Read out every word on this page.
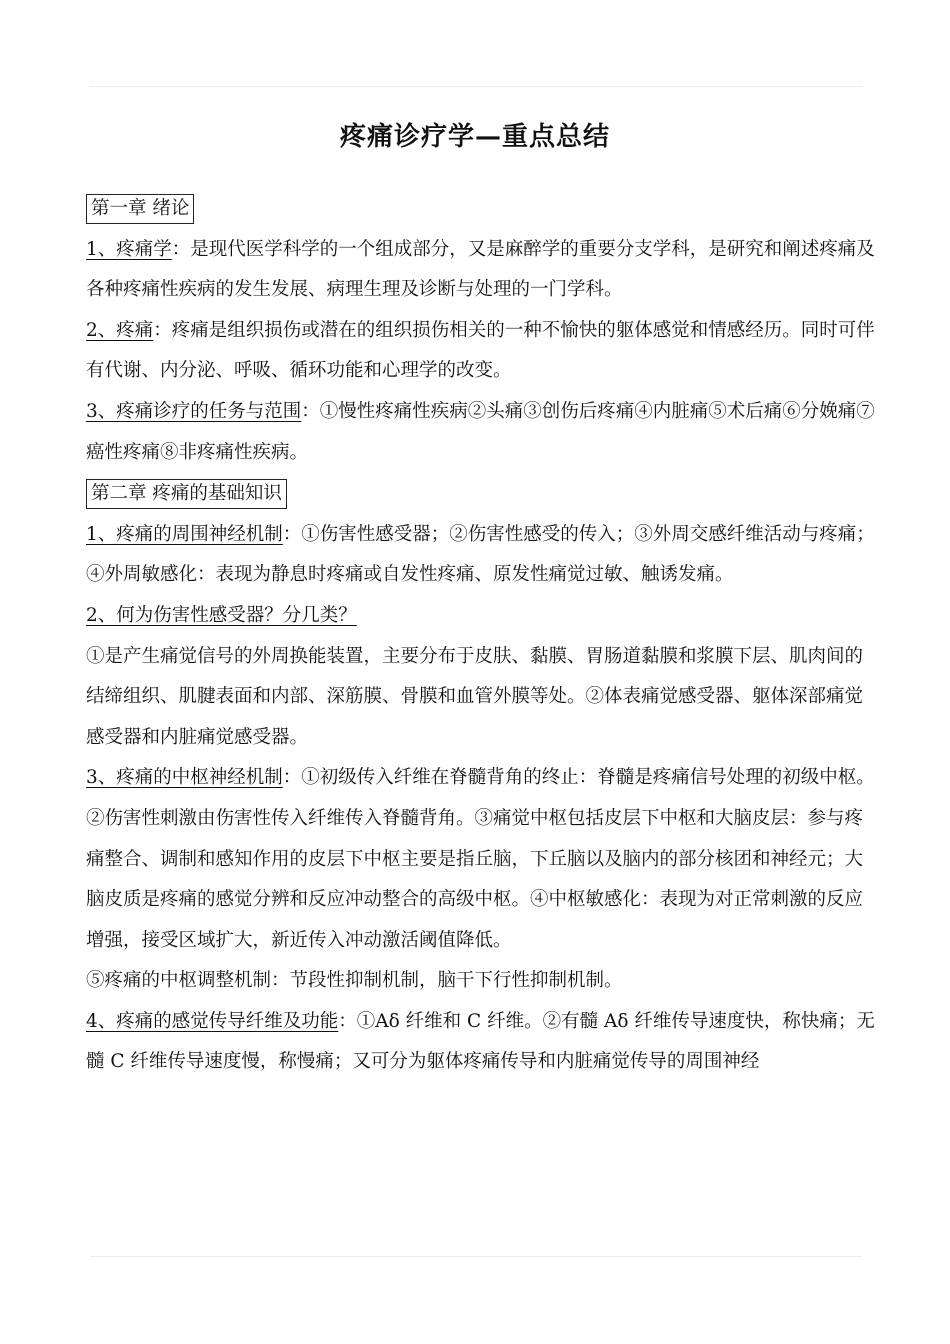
疼痛诊疗学—重点总结
第一章 绪论

1、疼痛学：是现代医学科学的一个组成部分，又是麻醉学的重要分支学科，是研究和阐述疼痛及各种疼痛性疾病的发生发展、病理生理及诊断与处理的一门学科。

2、疼痛：疼痛是组织损伤或潜在的组织损伤相关的一种不愉快的躯体感觉和情感经历。同时可伴有代谢、内分泌、呼吸、循环功能和心理学的改变。

3、疼痛诊疗的任务与范围：①慢性疼痛性疾病②头痛③创伤后疼痛④内脏痛⑤术后痛⑥分娩痛⑦癌性疼痛⑧非疼痛性疾病。

第二章 疼痛的基础知识

1、疼痛的周围神经机制：①伤害性感受器；②伤害性感受的传入；③外周交感纤维活动与疼痛；④外周敏感化：表现为静息时疼痛或自发性疼痛、原发性痛觉过敏、触诱发痛。

2、何为伤害性感受器？分几类？

①是产生痛觉信号的外周换能装置，主要分布于皮肤、黏膜、胃肠道黏膜和浆膜下层、肌肉间的结缔组织、肌腱表面和内部、深筋膜、骨膜和血管外膜等处。②体表痛觉感受器、躯体深部痛觉感受器和内脏痛觉感受器。

3、疼痛的中枢神经机制：①初级传入纤维在脊髓背角的终止：脊髓是疼痛信号处理的初级中枢。②伤害性刺激由伤害性传入纤维传入脊髓背角。③痛觉中枢包括皮层下中枢和大脑皮层：参与疼痛整合、调制和感知作用的皮层下中枢主要是指丘脑，下丘脑以及脑内的部分核团和神经元；大脑皮质是疼痛的感觉分辨和反应冲动整合的高级中枢。④中枢敏感化：表现为对正常刺激的反应增强，接受区域扩大，新近传入冲动激活阈值降低。

⑤疼痛的中枢调整机制：节段性抑制机制，脑干下行性抑制机制。

4、疼痛的感觉传导纤维及功能：①Aδ 纤维和 C 纤维。②有髓 Aδ 纤维传导速度快，称快痛；无髓 C 纤维传导速度慢，称慢痛；又可分为躯体疼痛传导和内脏痛觉传导的周围神经
